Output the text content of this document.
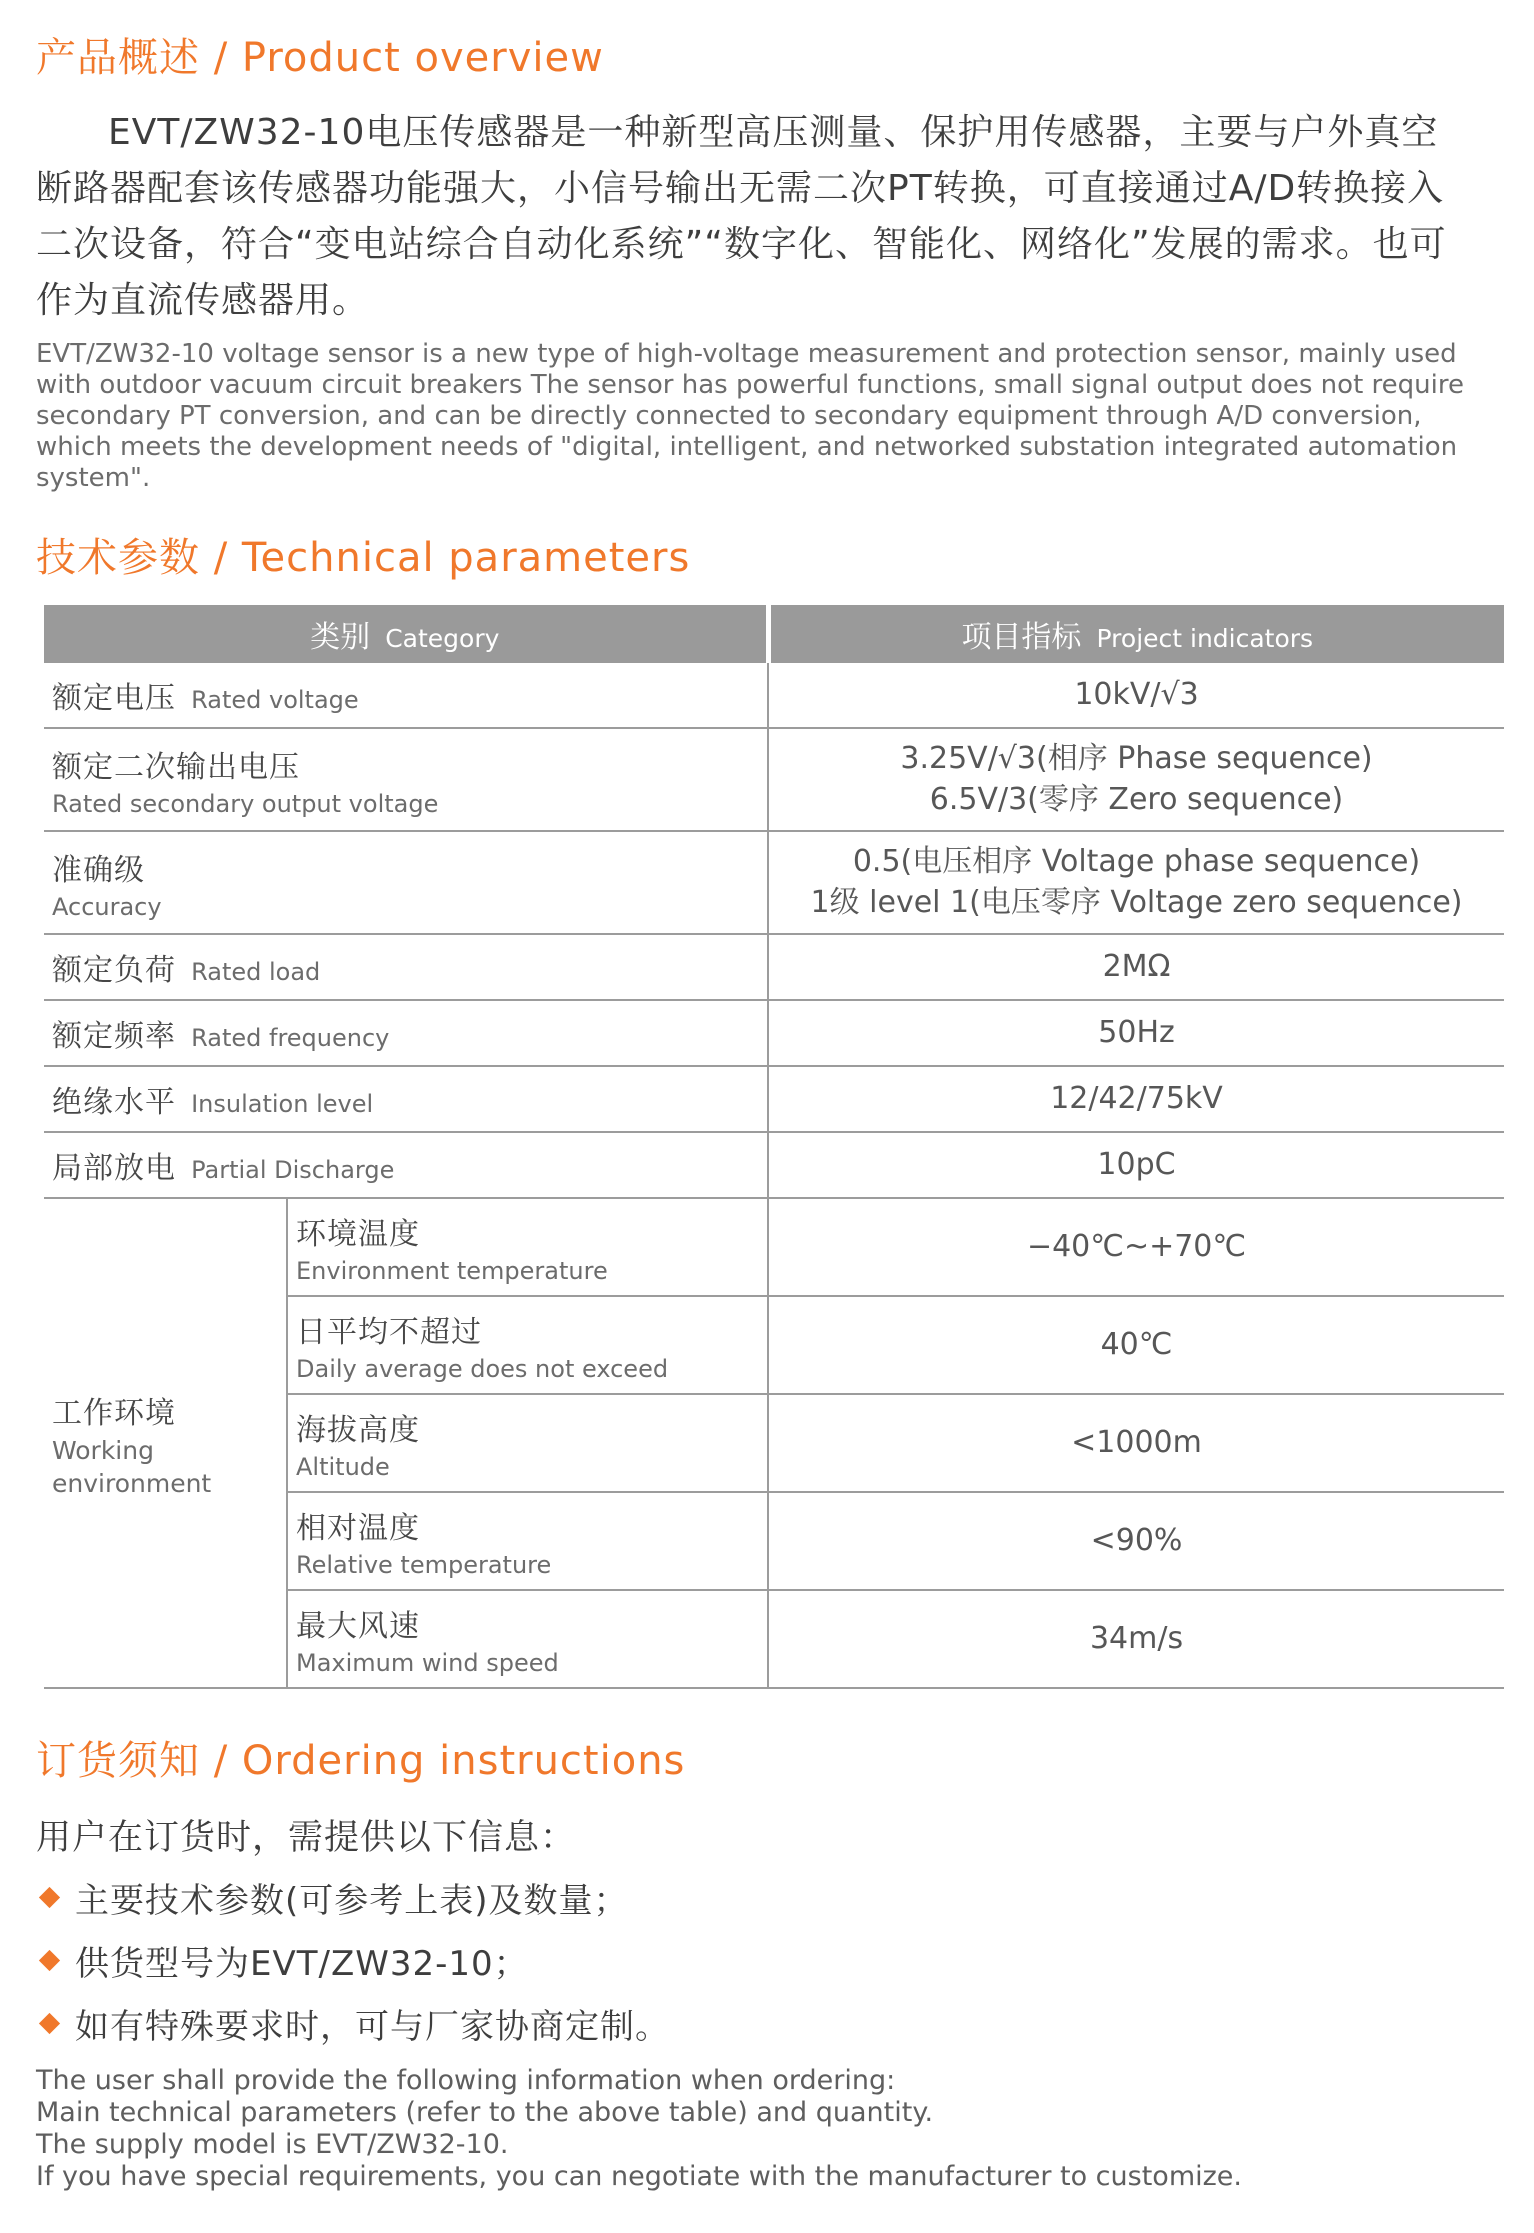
产品概述 / Product overview

EVT/ZW32-10电压传感器是一种新型高压测量、保护用传感器，主要与户外真空断路器配套该传感器功能强大，小信号输出无需二次PT转换，可直接通过A/D转换接入二次设备，符合“变电站综合自动化系统”“数字化、智能化、网络化”发展的需求。也可作为直流传感器用。

EVT/ZW32-10 voltage sensor is a new type of high-voltage measurement and protection sensor, mainly used with outdoor vacuum circuit breakers The sensor has powerful functions, small signal output does not require secondary PT conversion, and can be directly connected to secondary equipment through A/D conversion, which meets the development needs of "digital, intelligent, and networked substation integrated automation system".

技术参数 / Technical parameters
类别 Category		项目指标 Project indicators
额定电压 Rated voltage		10kV/√3

额定二次输出电压
Rated secondary output voltage		3.25V/√3(相序 Phase sequence)
6.5V/3(零序 Zero sequence)

准确级
Accuracy		0.5(电压相序 Voltage phase sequence)
1级 level 1(电压零序 Voltage zero sequence)

额定负荷 Rated load		2MΩ

额定频率 Rated frequency		50Hz

绝缘水平 Insulation level		12/42/75kV

局部放电 Partial Discharge		10pC

工作环境
Working
environment	环境温度
Environment temperature	−40℃~+70℃

	日平均不超过
Daily average does not exceed	40℃

	海拔高度
Altitude	<1000m

	相对温度
Relative temperature	<90%

	最大风速
Maximum wind speed	34m/s
订货须知 / Ordering instructions

用户在订货时，需提供以下信息：

主要技术参数(可参考上表)及数量；
供货型号为EVT/ZW32-10；
如有特殊要求时，可与厂家协商定制。
The user shall provide the following information when ordering:
Main technical parameters (refer to the above table) and quantity.
The supply model is EVT/ZW32-10.
If you have special requirements, you can negotiate with the manufacturer to customize.
